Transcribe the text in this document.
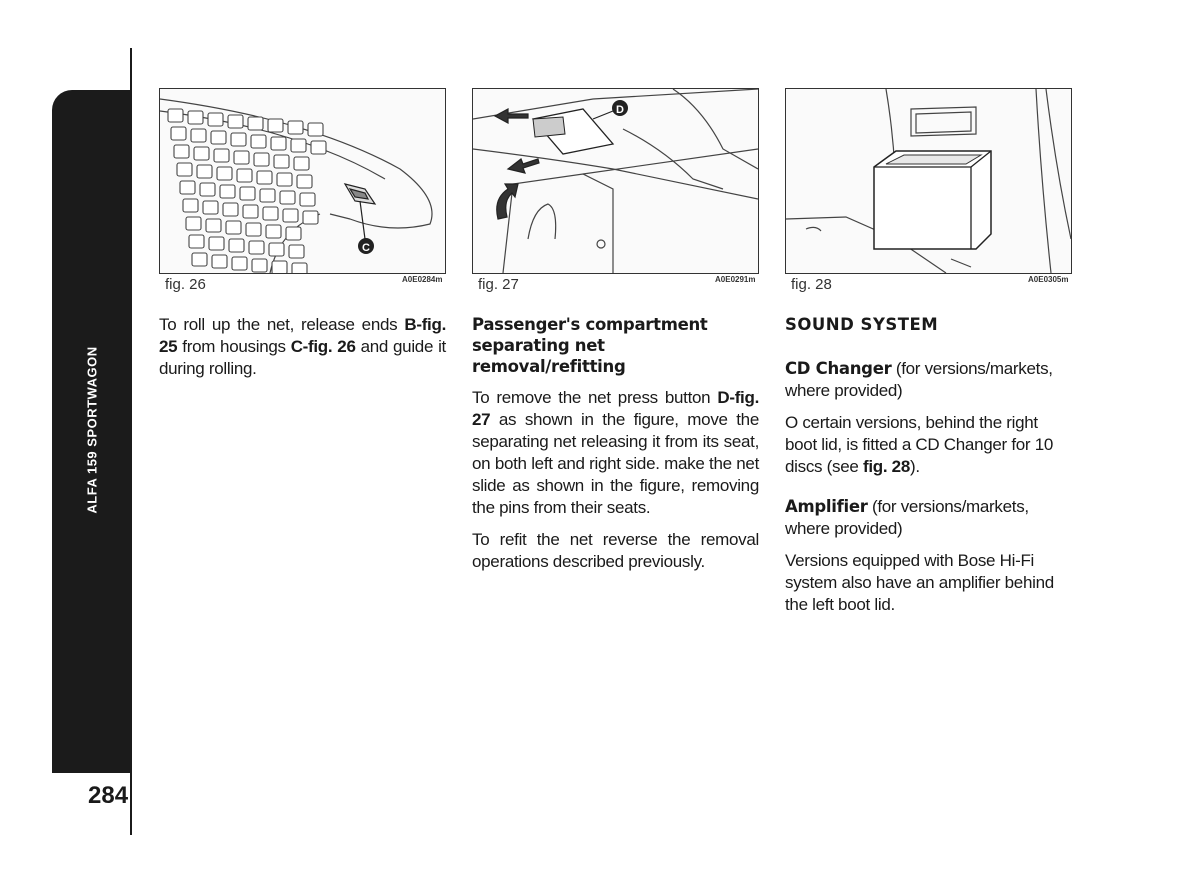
ALFA 159 SPORTWAGON
284
C
fig. 26	A0E0284m
D
fig. 27	A0E0291m fig. 28	A0E0305m

To roll up the net, release ends B-fig. 25 from housings C-fig. 26 and guide it during rolling.

Passenger's compartment separating net removal/refitting

To remove the net press button D-fig. 27 as shown in the figure, move the separating net releasing it from its seat, on both left and right side. make the net slide as shown in the figure, removing the pins from their seats.

To refit the net reverse the removal operations described previously.

SOUND SYSTEM

CD Changer (for versions/markets, where provided)

O certain versions, behind the right boot lid, is fitted a CD Changer for 10 discs (see fig. 28).

Amplifier (for versions/markets, where provided)

Versions equipped with Bose Hi-Fi system also have an amplifier behind the left boot lid.
